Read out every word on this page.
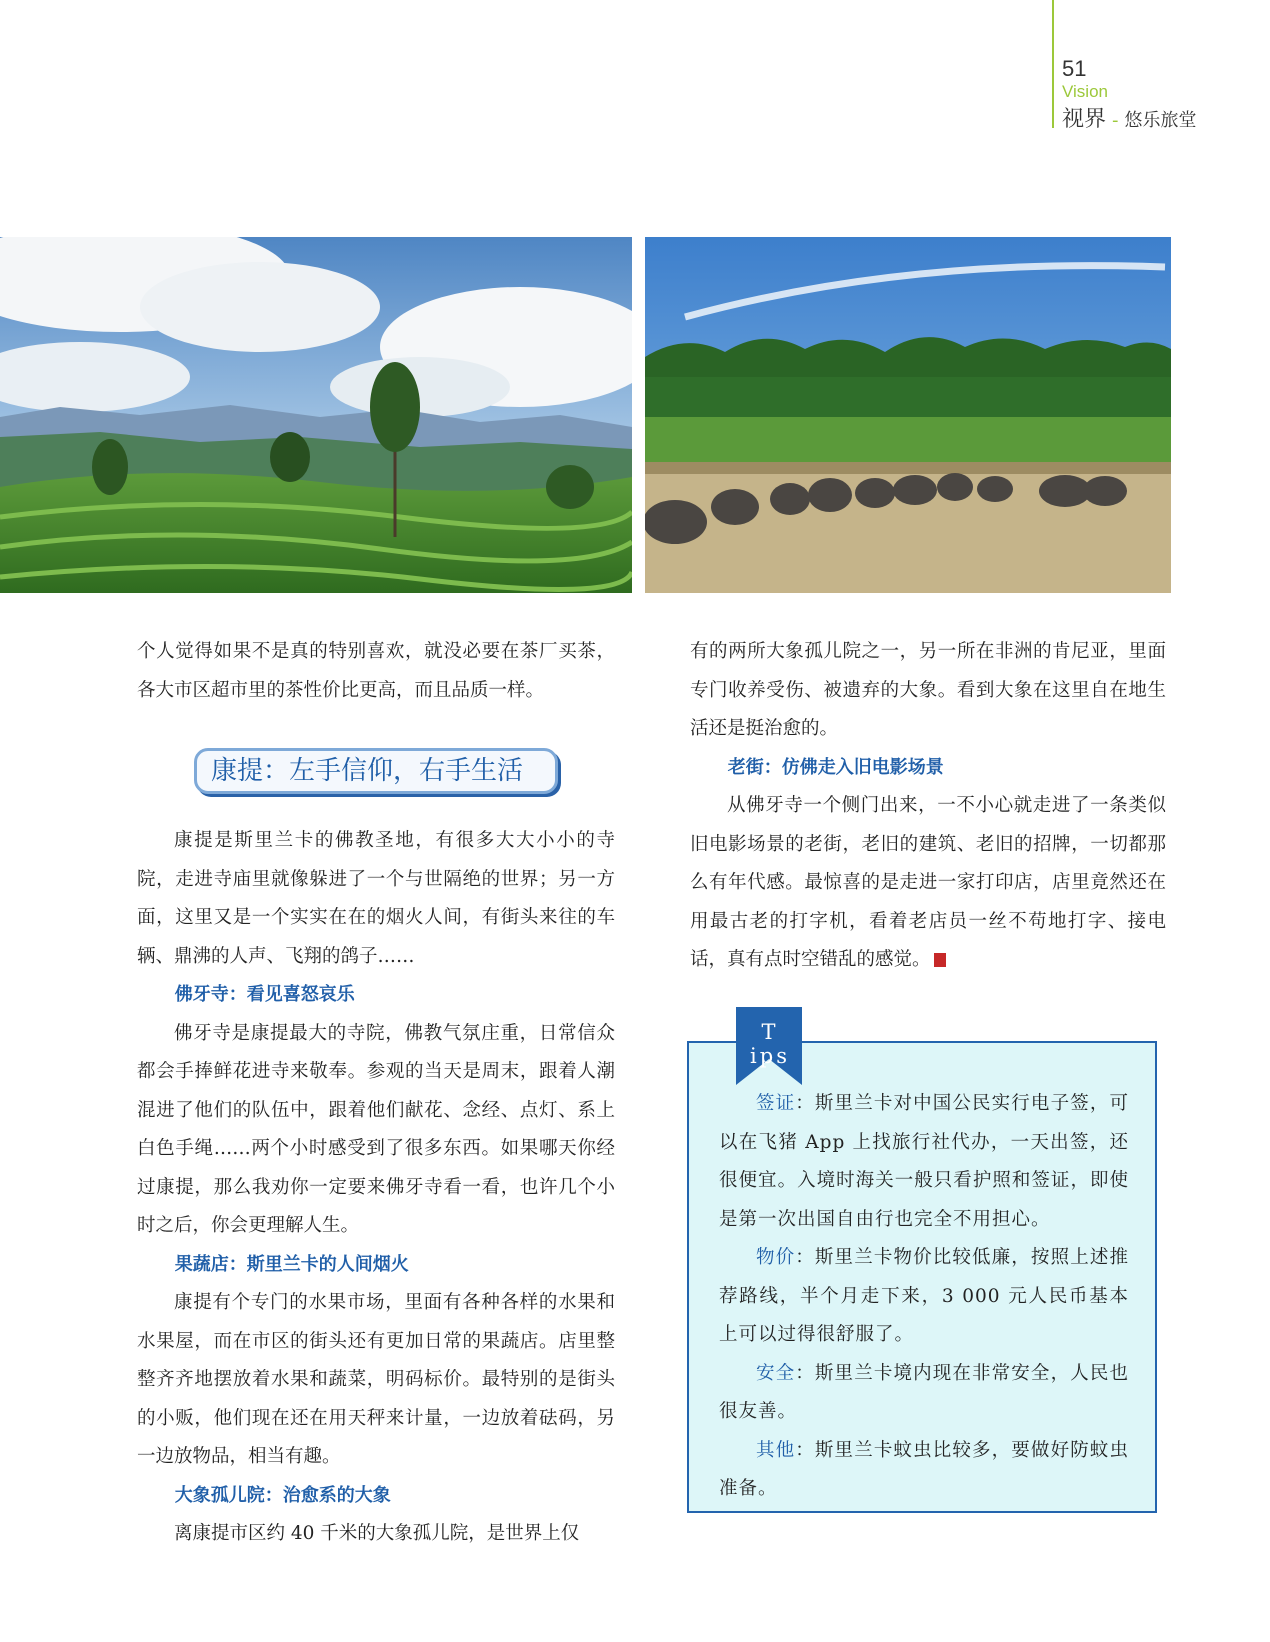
51
Vision
视界 - 悠乐旅堂

个人觉得如果不是真的特别喜欢，就没必要在茶厂买茶，各大市区超市里的茶性价比更高，而且品质一样。

康提：左手信仰，右手生活

康提是斯里兰卡的佛教圣地，有很多大大小小的寺院，走进寺庙里就像躲进了一个与世隔绝的世界；另一方面，这里又是一个实实在在的烟火人间，有街头来往的车辆、鼎沸的人声、飞翔的鸽子……

佛牙寺：看见喜怒哀乐

佛牙寺是康提最大的寺院，佛教气氛庄重，日常信众都会手捧鲜花进寺来敬奉。参观的当天是周末，跟着人潮混进了他们的队伍中，跟着他们献花、念经、点灯、系上白色手绳……两个小时感受到了很多东西。如果哪天你经过康提，那么我劝你一定要来佛牙寺看一看，也许几个小时之后，你会更理解人生。

果蔬店：斯里兰卡的人间烟火

康提有个专门的水果市场，里面有各种各样的水果和水果屋，而在市区的街头还有更加日常的果蔬店。店里整整齐齐地摆放着水果和蔬菜，明码标价。最特别的是街头的小贩，他们现在还在用天秤来计量，一边放着砝码，另一边放物品，相当有趣。

大象孤儿院：治愈系的大象

离康提市区约 40 千米的大象孤儿院，是世界上仅

有的两所大象孤儿院之一，另一所在非洲的肯尼亚，里面专门收养受伤、被遗弃的大象。看到大象在这里自在地生活还是挺治愈的。

老街：仿佛走入旧电影场景

从佛牙寺一个侧门出来，一不小心就走进了一条类似旧电影场景的老街，老旧的建筑、老旧的招牌，一切都那么有年代感。最惊喜的是走进一家打印店，店里竟然还在用最古老的打字机，看着老店员一丝不苟地打字、接电话，真有点时空错乱的感觉。	s

T ips

签证：斯里兰卡对中国公民实行电子签，可以在飞猪 App 上找旅行社代办，一天出签，还很便宜。入境时海关一般只看护照和签证，即使是第一次出国自由行也完全不用担心。

物价：斯里兰卡物价比较低廉，按照上述推荐路线，半个月走下来，3 000 元人民币基本上可以过得很舒服了。

安全：斯里兰卡境内现在非常安全，人民也很友善。

其他：斯里兰卡蚊虫比较多，要做好防蚊虫准备。
